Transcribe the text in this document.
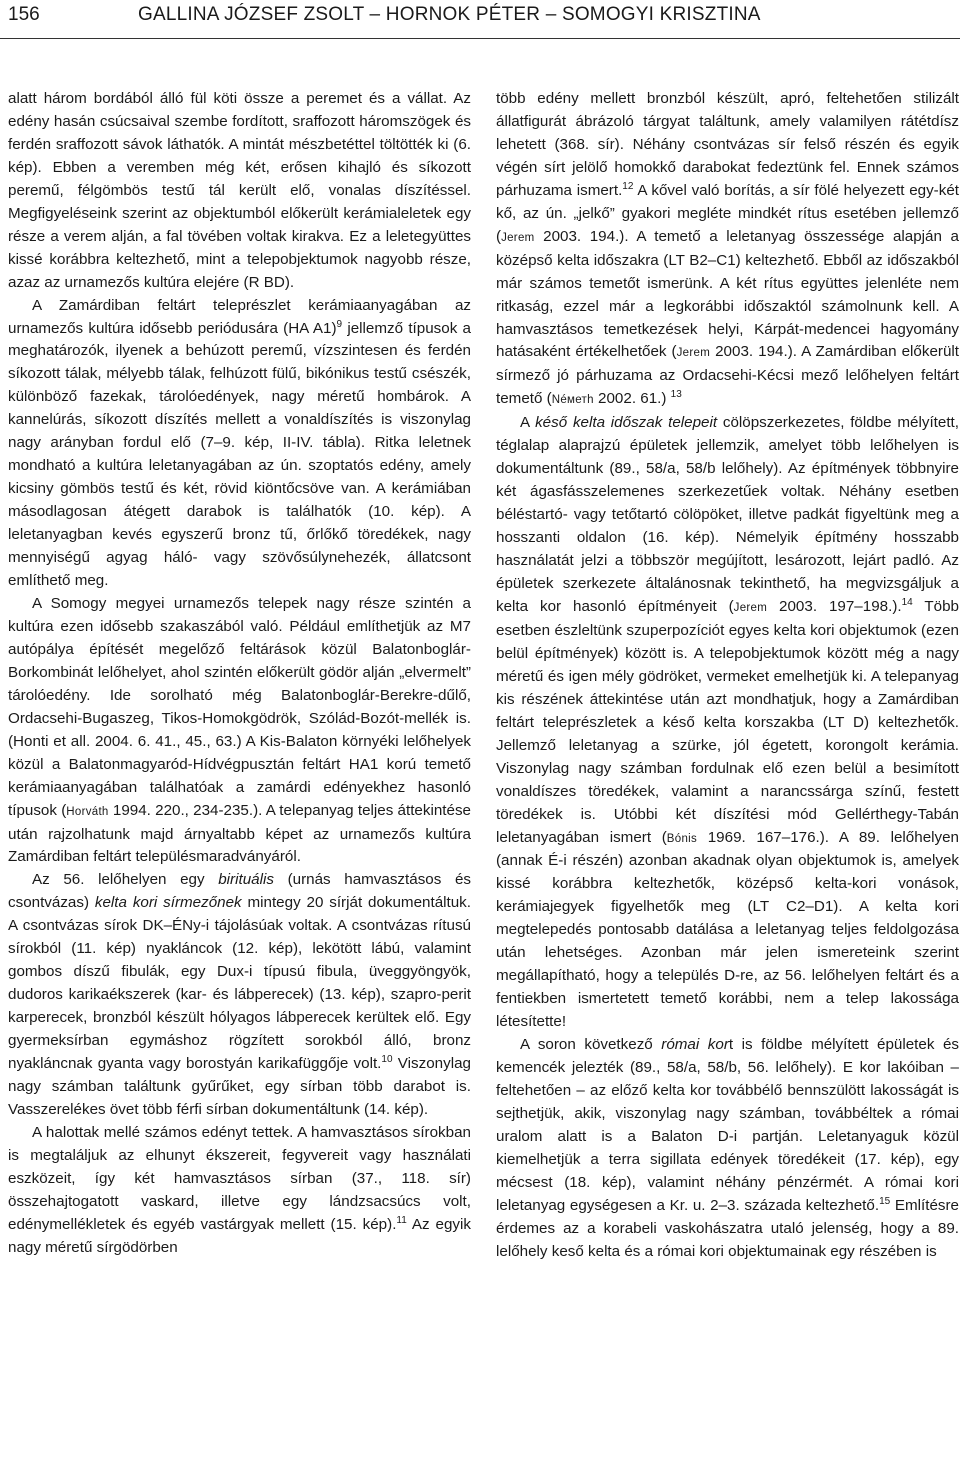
156	GALLINA JÓZSEF ZSOLT – HORNOK PÉTER – SOMOGYI KRISZTINA

alatt három bordából álló fül köti össze a peremet és a vállat. Az edény hasán csúcsaival szembe fordított, sraffozott háromszögek és ferdén sraffozott sávok láthatók. A mintát mészbetéttel töltötték ki (6. kép). Ebben a veremben még két, erősen kihajló és síkozott peremű, félgömbös testű tál került elő, vonalas díszítéssel. Megfigyeléseink szerint az objektumból előkerült kerámialeletek egy része a verem alján, a fal tövében voltak kirakva. Ez a leletegyüttes kissé korábbra keltezhető, mint a telepobjektumok nagyobb része, azaz az urnamezős kultúra elejére (R BD).

A Zamárdiban feltárt teleprészlet kerámiaanyagában az urnamezős kultúra idősebb periódusára (HA A1)$^9$ jellemző típusok a meghatározók, ilyenek a behúzott peremű, vízszintesen és ferdén síkozott tálak, mélyebb tálak, felhúzott fülű, bikónikus testű csészék, különböző fazekak, tárolóedények, nagy méretű hombárok. A kannelúrás, síkozott díszítés mellett a vonaldíszítés is viszonylag nagy arányban fordul elő (7–9. kép, II-IV. tábla). Ritka leletnek mondható a kultúra leletanyagában az ún. szoptatós edény, amely kicsiny gömbös testű és két, rövid kiöntőcsöve van. A kerámiában másodlagosan átégett darabok is találhatók (10. kép). A leletanyagban kevés egyszerű bronz tű, őrlőkő töredékek, nagy mennyiségű agyag háló- vagy szövősúlynehezék, állatcsont említhető meg.

A Somogy megyei urnamezős telepek nagy része szintén a kultúra ezen idősebb szakaszából való. Például említhetjük az M7 autópálya építését megelőző feltárások közül Balatonboglár-Borkombinát lelőhelyet, ahol szintén előkerült gödör alján „elvermelt” tárolóedény. Ide sorolható még Balatonboglár-Berekre-dűlő, Ordacsehi-Bugaszeg, Tikos-Homokgödrök, Szólád-Bozót-mellék is. (Honti et all. 2004. 6. 41., 45., 63.) A Kis-Balaton környéki lelőhelyek közül a Balatonmagyaród-Hídvégpusztán feltárt HA1 korú temető kerámiaanyagában találhatóak a zamárdi edényekhez hasonló típusok (Horváth 1994. 220., 234-235.). A telepanyag teljes áttekintése után rajzolhatunk majd árnyaltabb képet az urnamezős kultúra Zamárdiban feltárt településmaradványáról.

Az 56. lelőhelyen egy birituális (urnás hamvasztásos és csontvázas) kelta kori sírmezőnek mintegy 20 sírját dokumentáltuk. A csontvázas sírok DK–ÉNy-i tájolásúak voltak. A csontvázas rítusú sírokból (11. kép) nyakláncok (12. kép), lekötött lábú, valamint gombos díszű fibulák, egy Dux-i típusú fibula, üveggyöngyök, dudoros karikaékszerek (kar- és lábperecek) (13. kép), szapro-perit karperecek, bronzból készült hólyagos lábperecek kerültek elő. Egy gyermeksírban egymáshoz rögzített sorokból álló, bronz nyakláncnak gyanta vagy borostyán karikafüggője volt.$^{10}$ Viszonylag nagy számban találtunk gyűrűket, egy sírban több darabot is. Vasszerelékes övet több férfi sírban dokumentáltunk (14. kép).

A halottak mellé számos edényt tettek. A hamvasztásos sírokban is megtaláljuk az elhunyt ékszereit, fegyvereit vagy használati eszközeit, így két hamvasztásos sírban (37., 118. sír) összehajtogatott vaskard, illetve egy lándzsacsúcs volt, edénymellékletek és egyéb vastárgyak mellett (15. kép).$^{11}$ Az egyik nagy méretű sírgödörben

több edény mellett bronzból készült, apró, feltehetően stilizált állatfigurát ábrázoló tárgyat találtunk, amely valamilyen rátétdísz lehetett (368. sír). Néhány csontvázas sír felső részén és egyik végén sírt jelölő homokkő darabokat fedeztünk fel. Ennek számos párhuzama ismert.$^{12}$ A kővel való borítás, a sír fölé helyezett egy-két kő, az ún. „jelkő” gyakori megléte mindkét rítus esetében jellemző (Jerem 2003. 194.). A temető a leletanyag összessége alapján a középső kelta időszakra (LT B2–C1) keltezhető. Ebből az időszakból már számos temetőt ismerünk. A két rítus együttes jelenléte nem ritkaság, ezzel már a legkorábbi időszaktól számolnunk kell. A hamvasztásos temetkezések helyi, Kárpát-medencei hagyomány hatásaként értékelhetőek (Jerem 2003. 194.). A Zamárdiban előkerült sírmező jó párhuzama az Ordacsehi-Kécsi mező lelőhelyen feltárt temető (Néметh 2002. 61.) $^{13}$

A késő kelta időszak telepeit cölöpszerkezetes, földbe mélyített, téglalap alaprajzú épületek jellemzik, amelyet több lelőhelyen is dokumentáltunk (89., 58/a, 58/b lelőhely). Az építmények többnyire két ágasfásszelemenes szerkezetűek voltak. Néhány esetben béléstartó- vagy tetőtartó cölöpöket, illetve padkát figyeltünk meg a hosszanti oldalon (16. kép). Némelyik építmény hosszabb használatát jelzi a többször megújított, lesározott, lejárt padló. Az épületek szerkezete általánosnak tekinthető, ha megvizsgáljuk a kelta kor hasonló építményeit (Jerem 2003. 197–198.).$^{14}$ Több esetben észleltünk szuperpozíciót egyes kelta kori objektumok (ezen belül építmények) között is. A telepobjektumok között még a nagy méretű és igen mély gödröket, vermeket emelhetjük ki. A telepanyag kis részének áttekintése után azt mondhatjuk, hogy a Zamárdiban feltárt teleprészletek a késő kelta korszakba (LT D) keltezhetők. Jellemző leletanyag a szürke, jól égetett, korongolt kerámia. Viszonylag nagy számban fordulnak elő ezen belül a besimított vonaldíszes töredékek, valamint a narancssárga színű, festett töredékek is. Utóbbi két díszítési mód Gellérthegy-Tabán leletanyagában ismert (Bónis 1969. 167–176.). A 89. lelőhelyen (annak É-i részén) azonban akadnak olyan objektumok is, amelyek kissé korábbra keltezhetők, középső kelta-kori vonások, kerámiajegyek figyelhetők meg (LT C2–D1). A kelta kori megtelepedés pontosabb datálása a leletanyag teljes feldolgozása után lehetséges. Azonban már jelen ismereteink szerint megállapítható, hogy a település D-re, az 56. lelőhelyen feltárt és a fentiekben ismertetett temető korábbi, nem a telep lakossága létesítette!

A soron következő római kort is földbe mélyített épületek és kemencék jelezték (89., 58/a, 58/b, 56. lelőhely). E kor lakóiban – feltehetően – az előző kelta kor továbbélő bennszülött lakosságát is sejthetjük, akik, viszonylag nagy számban, továbbéltek a római uralom alatt is a Balaton D-i partján. Leletanyaguk közül kiemelhetjük a terra sigillata edények töredékeit (17. kép), egy mécsest (18. kép), valamint néhány pénzérmét. A római kori leletanyag egységesen a Kr. u. 2–3. százada keltezhető.$^{15}$ Említésre érdemes az a korabeli vaskohászatra utaló jelenség, hogy a 89. lelőhely keső kelta és a római kori objektumainak egy részében is
